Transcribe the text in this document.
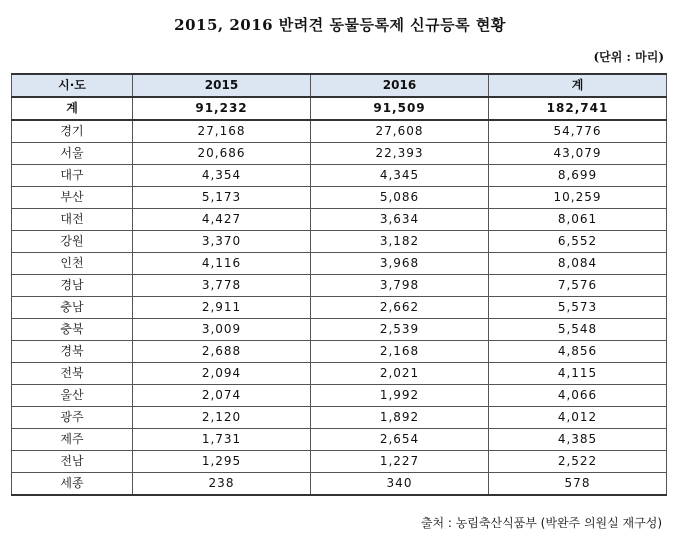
2015, 2016 반려견 동물등록제 신규등록 현황
(단위 : 마리)
시·도	2015	2016	계
계	91,232	91,509	182,741
경기	27,168	27,608	54,776
서울	20,686	22,393	43,079
대구	4,354	4,345	8,699
부산	5,173	5,086	10,259
대전	4,427	3,634	8,061
강원	3,370	3,182	6,552
인천	4,116	3,968	8,084
경남	3,778	3,798	7,576
충남	2,911	2,662	5,573
충북	3,009	2,539	5,548
경북	2,688	2,168	4,856
전북	2,094	2,021	4,115
울산	2,074	1,992	4,066
광주	2,120	1,892	4,012
제주	1,731	2,654	4,385
전남	1,295	1,227	2,522
세종	238	340	578
출처 : 농림축산식품부 (박완주 의원실 재구성)
